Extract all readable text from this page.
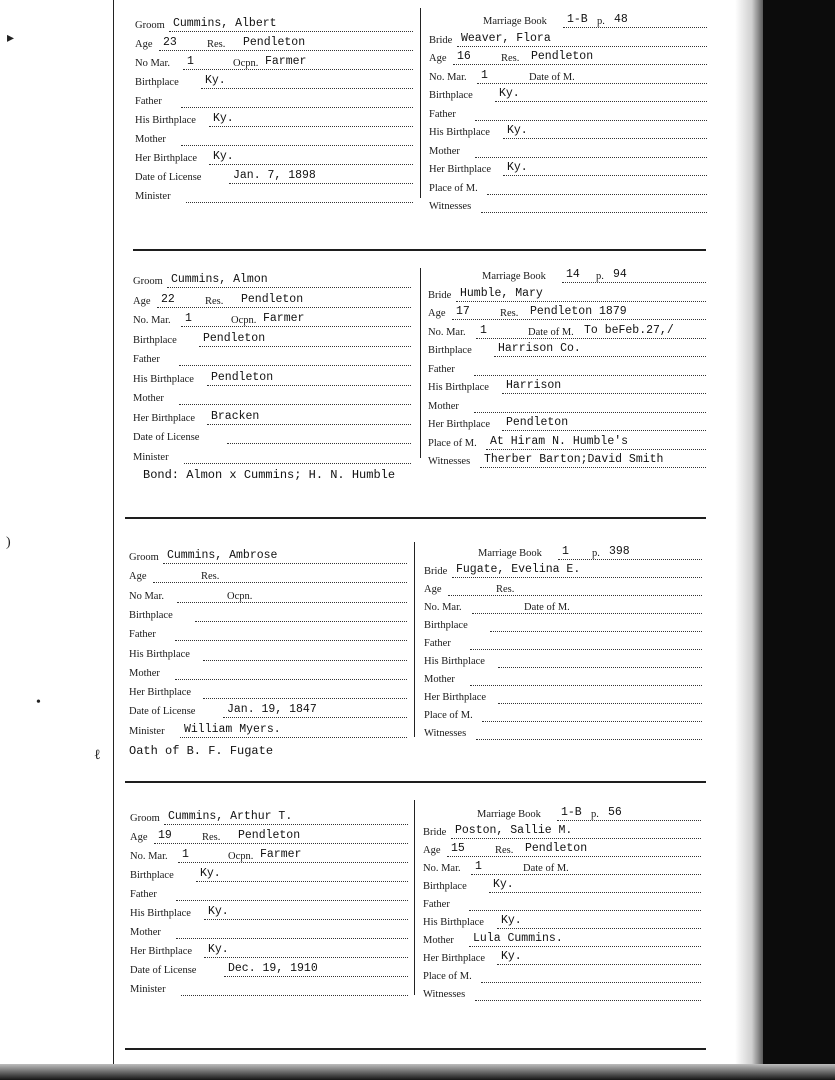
▸
)
•
ℓ
Groom Cummins, Albert
Age 23	Res. Pendleton
No Mar. 1	Ocpn. Farmer
Birthplace Ky.
Father
His Birthplace Ky.
Mother
Her Birthplace Ky.
Date of License	Jan. 7, 1898
Minister
Marriage Book 1-B p. 48
Bride Weaver, Flora
Age 16	Res. Pendleton
No. Mar. 1	Date of M.
Birthplace Ky.
Father
His Birthplace Ky.
Mother
Her Birthplace Ky.
Place of M.
Witnesses
Groom Cummins, Almon
Age 22	Res. Pendleton
No. Mar. 1	Ocpn. Farmer
Birthplace Pendleton
Father
His Birthplace Pendleton
Mother
Her Birthplace Bracken
Date of License
Minister
Marriage Book 14 p. 94
Bride Humble, Mary
Age 17	Res. Pendleton 1879
No. Mar. 1	Date of M. To beFeb.27,/
Birthplace Harrison Co.
Father
His Birthplace Harrison
Mother
Her Birthplace Pendleton
Place of M. At Hiram N. Humble's
Witnesses Therber Barton;David Smith
Bond: Almon x Cummins; H. N. Humble
Groom Cummins, Ambrose
Age	Res.
No Mar.	Ocpn.
Birthplace
Father
His Birthplace
Mother
Her Birthplace
Date of License	Jan. 19, 1847
Minister William Myers.
Marriage Book 1 p. 398
Bride Fugate, Evelina E.
Age	Res.
No. Mar.	Date of M.
Birthplace
Father
His Birthplace
Mother
Her Birthplace
Place of M.
Witnesses
Oath of B. F. Fugate
Groom Cummins, Arthur T.
Age 19	Res. Pendleton
No. Mar. 1	Ocpn. Farmer
Birthplace Ky.
Father
His Birthplace Ky.
Mother
Her Birthplace Ky.
Date of License	Dec. 19, 1910
Minister
Marriage Book 1-B p. 56
Bride Poston, Sallie M.
Age 15	Res. Pendleton
No. Mar. 1	Date of M.
Birthplace Ky.
Father
His Birthplace Ky.
Mother Lula Cummins.
Her Birthplace Ky.
Place of M.
Witnesses
